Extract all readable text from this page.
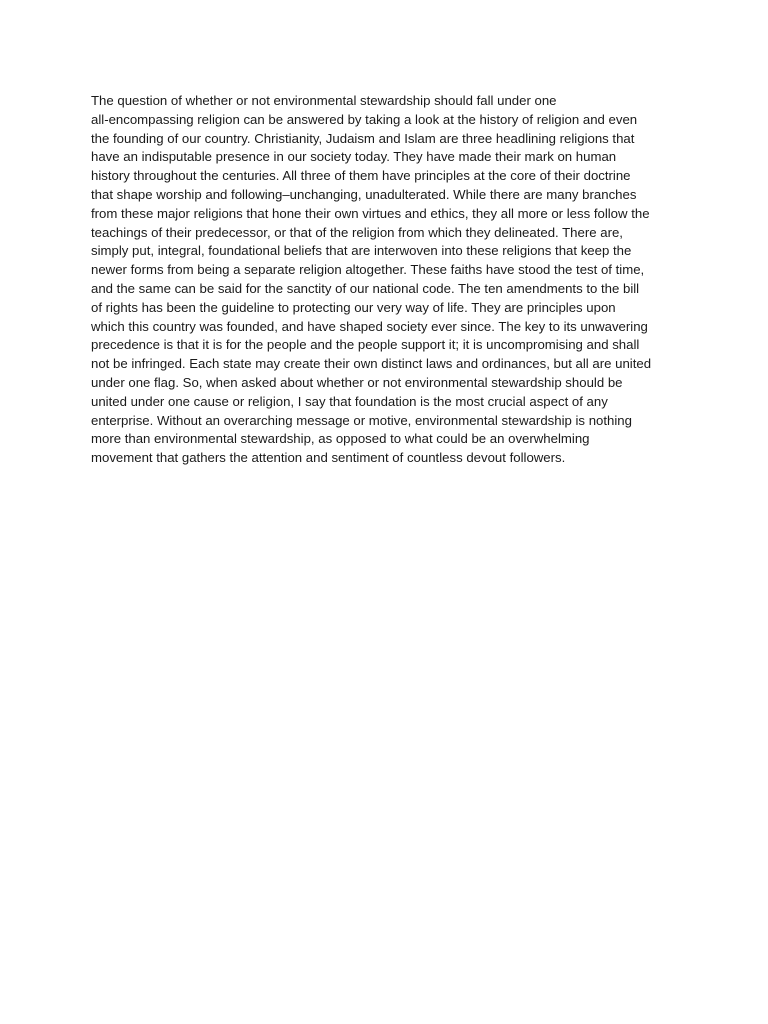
The question of whether or not environmental stewardship should fall under one
all-encompassing religion can be answered by taking a look at the history of religion and even
the founding of our country. Christianity, Judaism and Islam are three headlining religions that
have an indisputable presence in our society today. They have made their mark on human
history throughout the centuries. All three of them have principles at the core of their doctrine
that shape worship and following–unchanging, unadulterated. While there are many branches
from these major religions that hone their own virtues and ethics, they all more or less follow the
teachings of their predecessor, or that of the religion from which they delineated. There are,
simply put, integral, foundational beliefs that are interwoven into these religions that keep the
newer forms from being a separate religion altogether. These faiths have stood the test of time,
and the same can be said for the sanctity of our national code. The ten amendments to the bill
of rights has been the guideline to protecting our very way of life. They are principles upon
which this country was founded, and have shaped society ever since. The key to its unwavering
precedence is that it is for the people and the people support it; it is uncompromising and shall
not be infringed. Each state may create their own distinct laws and ordinances, but all are united
under one flag. So, when asked about whether or not environmental stewardship should be
united under one cause or religion, I say that foundation is the most crucial aspect of any
enterprise. Without an overarching message or motive, environmental stewardship is nothing
more than environmental stewardship, as opposed to what could be an overwhelming
movement that gathers the attention and sentiment of countless devout followers.
